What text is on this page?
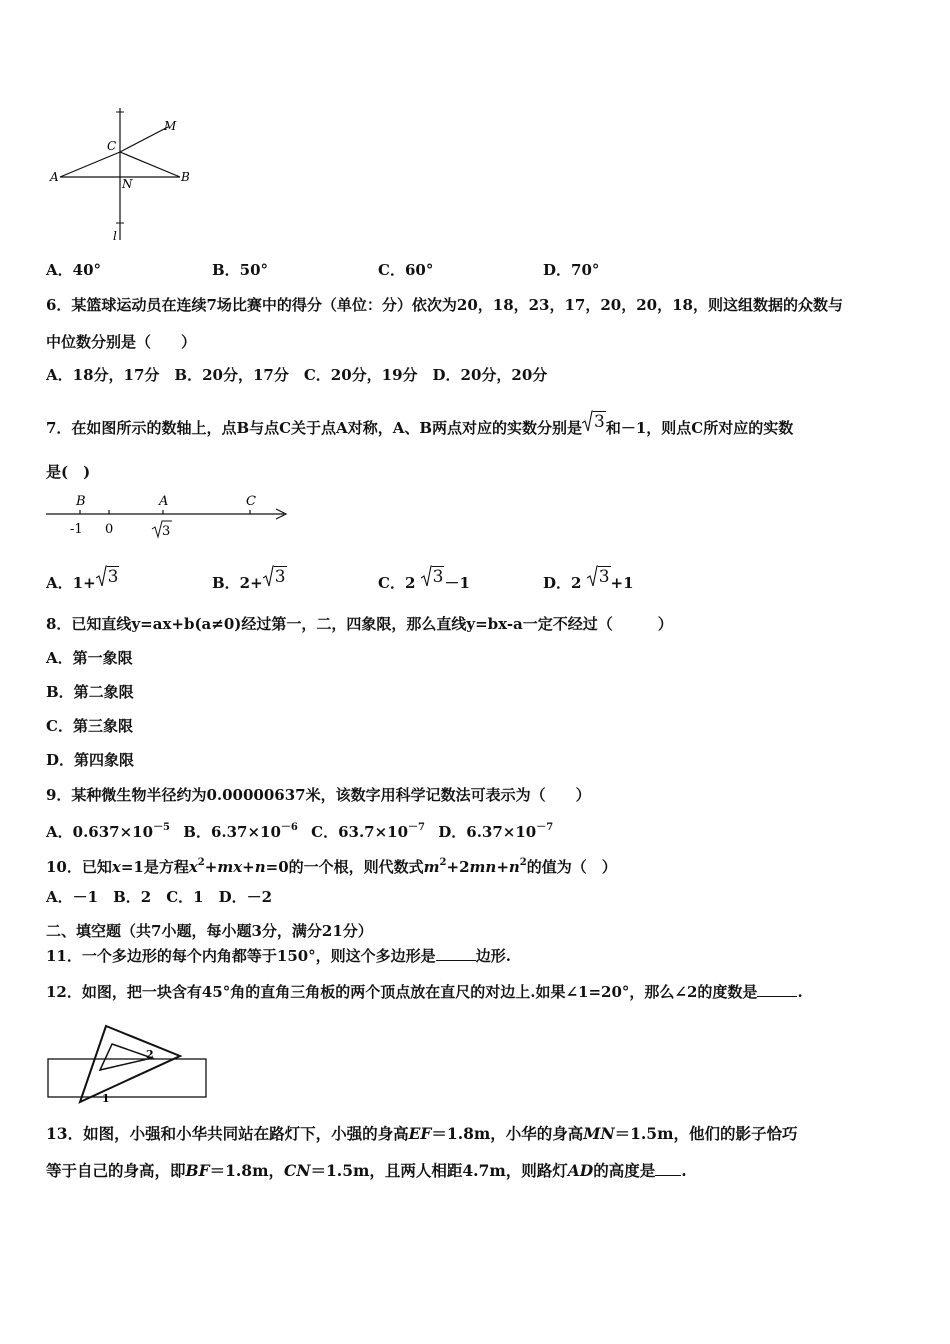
M
C
A	N	B
l
A．40°	B．50°	C．60°	D．70°
6．某篮球运动员在连续7场比赛中的得分（单位：分）依次为20，18，23，17，20，20，18，则这组数据的众数与
中位数分别是（　　）
A．18分，17分　B．20分，17分　C．20分，19分　D．20分，20分
7．在如图所示的数轴上，点B与点C关于点A对称，A、B两点对应的实数分别是 3和－1，则点C所对应的实数
是(　)
B	A	C
-1 0	3
A．1+ 3	B．2+ 3	C．2 3－1	D．2 3+1
8．已知直线y=ax+b(a≠0)经过第一，二，四象限，那么直线y=bx-a一定不经过（　　　）
A．第一象限
B．第二象限
C．第三象限
D．第四象限
9．某种微生物半径约为0.00000637米，该数字用科学记数法可表示为（　　）
A．$0.637\times 10^{-5}$ B．$6.37\times 10^{-6}$ C．$63.7\times 10^{-7}$ D．$6.37\times 10^{-7}$
10．已知x=1是方程$x^2+mx+n=0$的一个根，则代数式$m^2+2mn+n^2$的值为（　）
A．－1　B．2　C．1　D．－2
二、填空题（共7小题，每小题3分，满分21分）
11．一个多边形的每个内角都等于150°，则这个多边形是	边形.
12．如图，把一块含有45°角的直角三角板的两个顶点放在直尺的对边上.如果∠1=20°，那么∠2的度数是	.
2
1
13．如图，小强和小华共同站在路灯下，小强的身高EF＝1.8m，小华的身高MN＝1.5m，他们的影子恰巧
等于自己的身高，即BF＝1.8m，CN＝1.5m，且两人相距4.7m，则路灯AD的高度是 .
